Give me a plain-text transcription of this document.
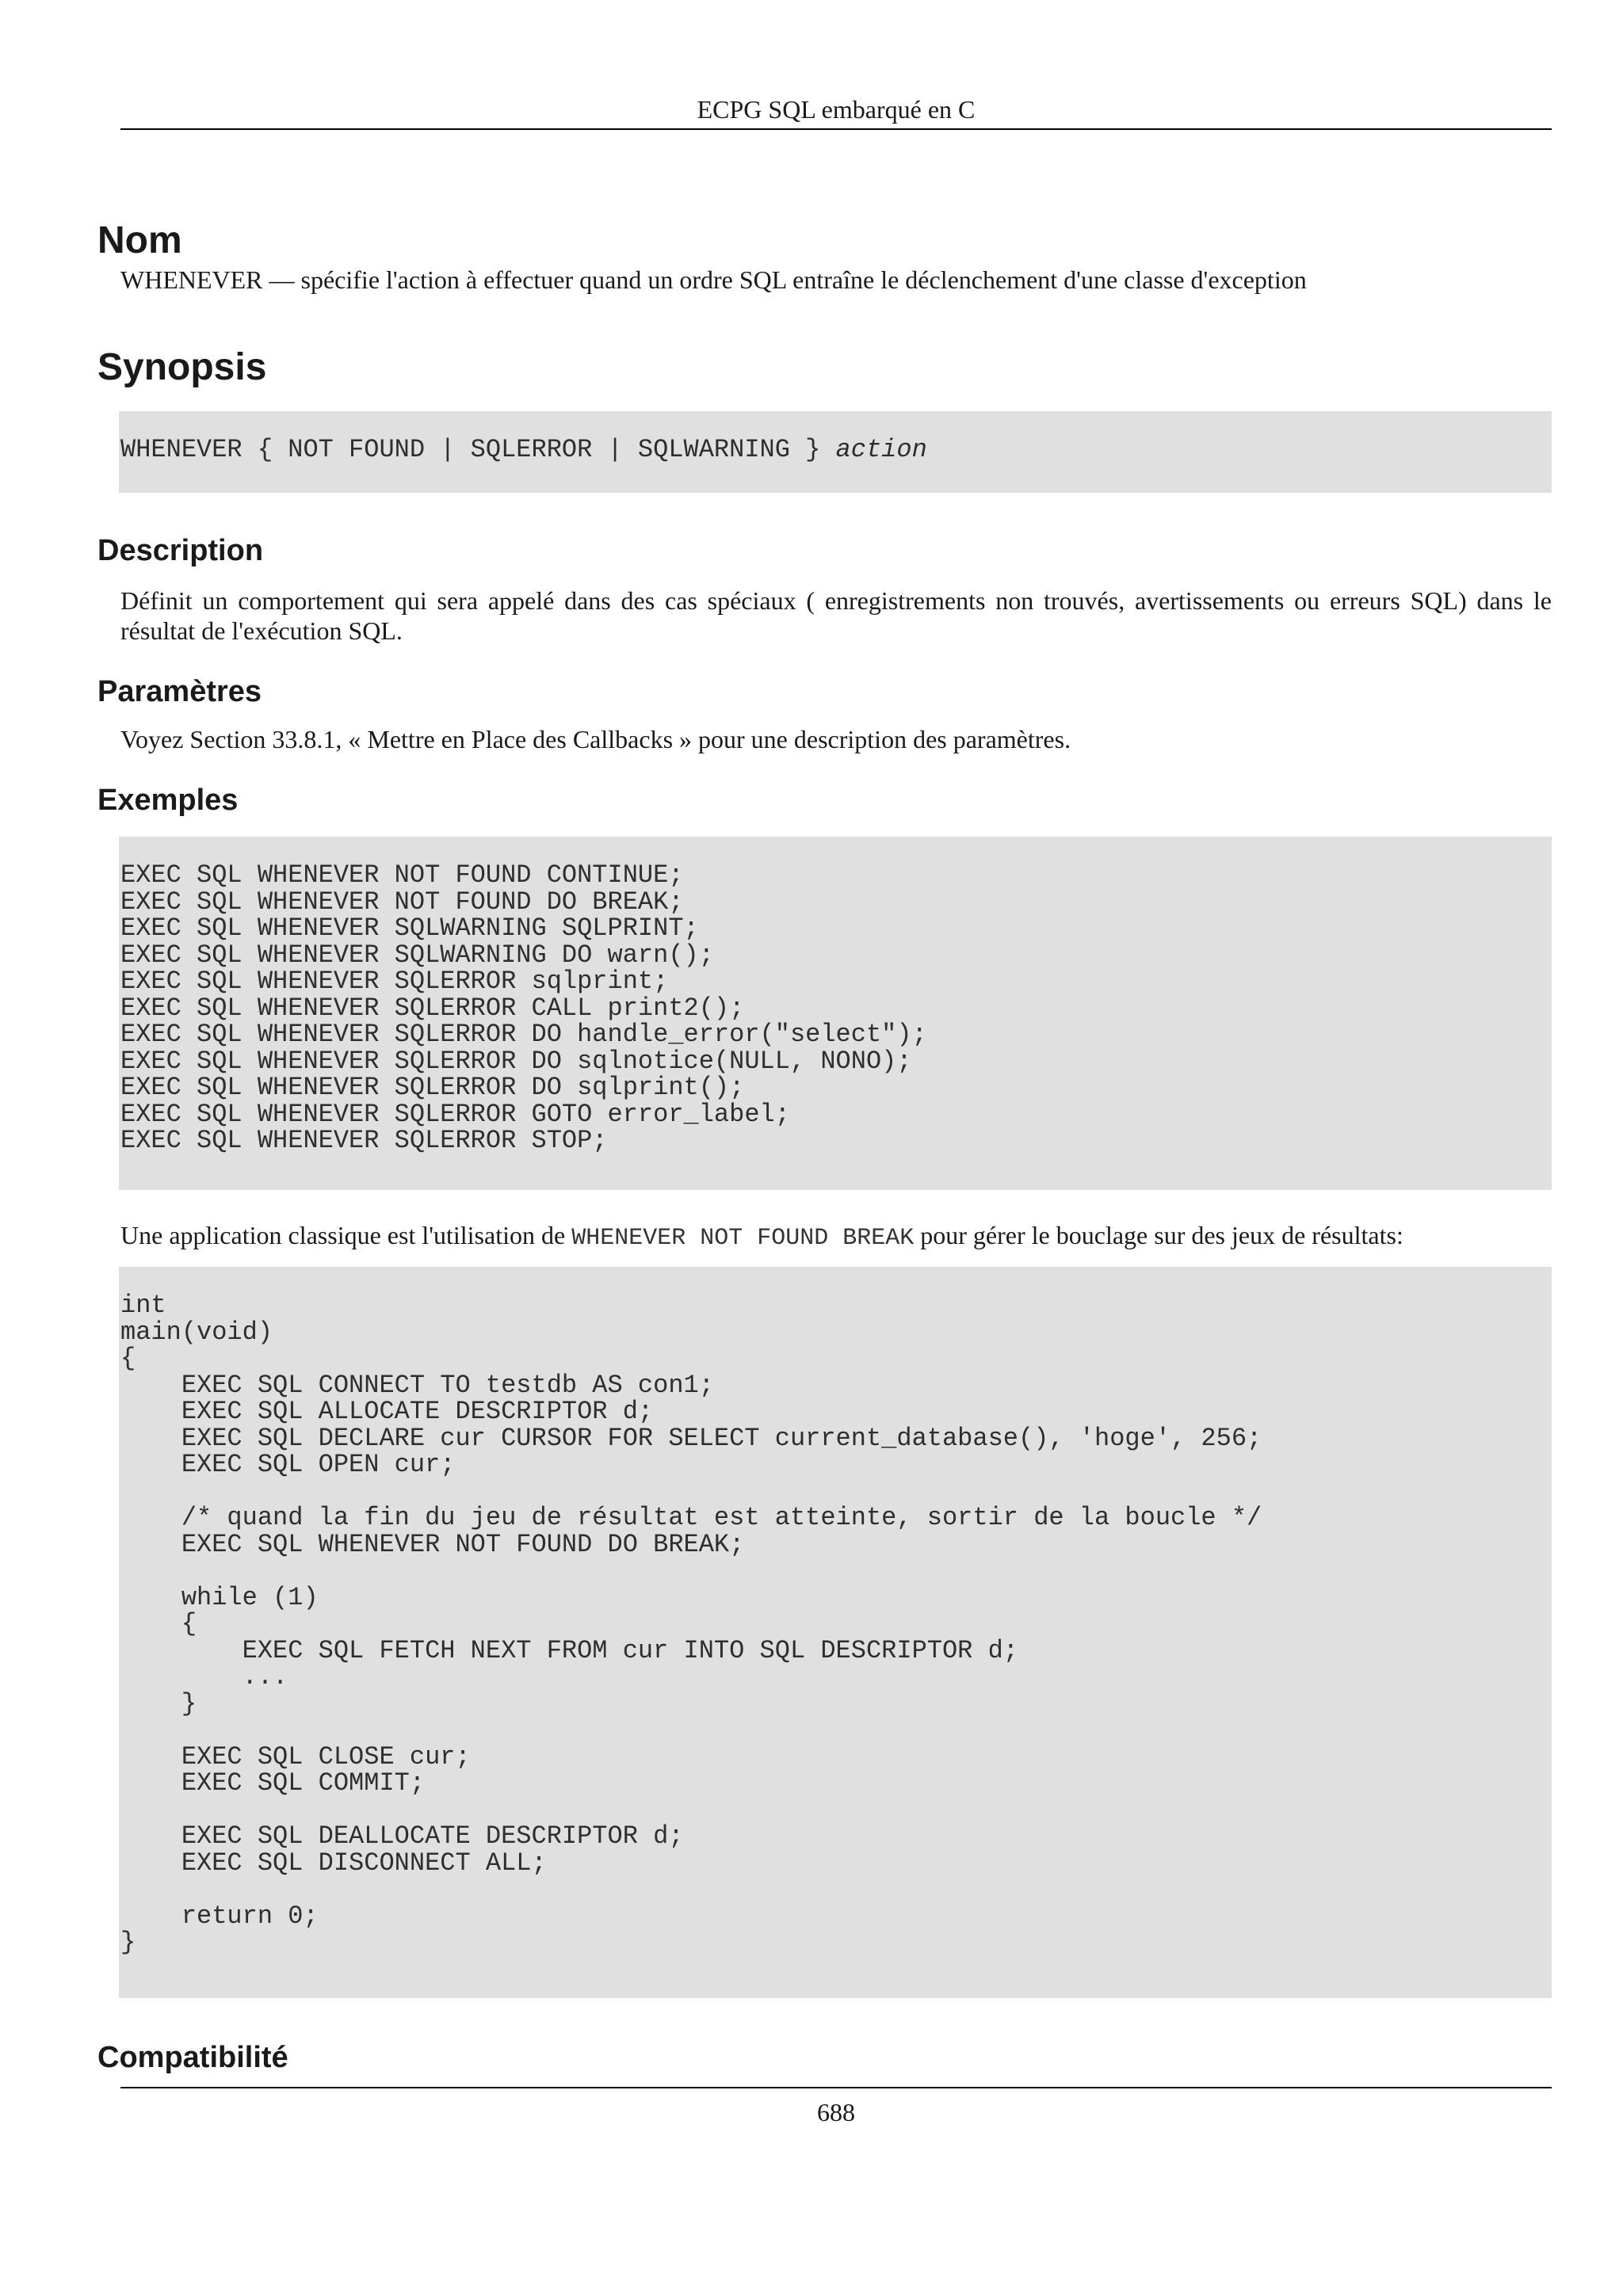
ECPG SQL embarqué en C
Nom

WHENEVER — spécifie l'action à effectuer quand un ordre SQL entraîne le déclenchement d'une classe d'exception

Synopsis
WHENEVER { NOT FOUND | SQLERROR | SQLWARNING } action
Description

Définit un comportement qui sera appelé dans des cas spéciaux ( enregistrements non trouvés, avertissements ou erreurs SQL) dans le résultat de l'exécution SQL.

Paramètres

Voyez Section 33.8.1, « Mettre en Place des Callbacks » pour une description des paramètres.

Exemples
EXEC SQL WHENEVER NOT FOUND CONTINUE;
EXEC SQL WHENEVER NOT FOUND DO BREAK;
EXEC SQL WHENEVER SQLWARNING SQLPRINT;
EXEC SQL WHENEVER SQLWARNING DO warn();
EXEC SQL WHENEVER SQLERROR sqlprint;
EXEC SQL WHENEVER SQLERROR CALL print2();
EXEC SQL WHENEVER SQLERROR DO handle_error("select");
EXEC SQL WHENEVER SQLERROR DO sqlnotice(NULL, NONO);
EXEC SQL WHENEVER SQLERROR DO sqlprint();
EXEC SQL WHENEVER SQLERROR GOTO error_label;
EXEC SQL WHENEVER SQLERROR STOP;

Une application classique est l'utilisation de WHENEVER NOT FOUND BREAK pour gérer le bouclage sur des jeux de résultats:

int
main(void)
{
EXEC SQL CONNECT TO testdb AS con1;
EXEC SQL ALLOCATE DESCRIPTOR d;
EXEC SQL DECLARE cur CURSOR FOR SELECT current_database(), 'hoge', 256;
EXEC SQL OPEN cur;

/* quand la fin du jeu de résultat est atteinte, sortir de la boucle */
EXEC SQL WHENEVER NOT FOUND DO BREAK;

while (1)
{
EXEC SQL FETCH NEXT FROM cur INTO SQL DESCRIPTOR d;
...
}

EXEC SQL CLOSE cur;
EXEC SQL COMMIT;

EXEC SQL DEALLOCATE DESCRIPTOR d;
EXEC SQL DISCONNECT ALL;

return 0;
}
Compatibilité
688
